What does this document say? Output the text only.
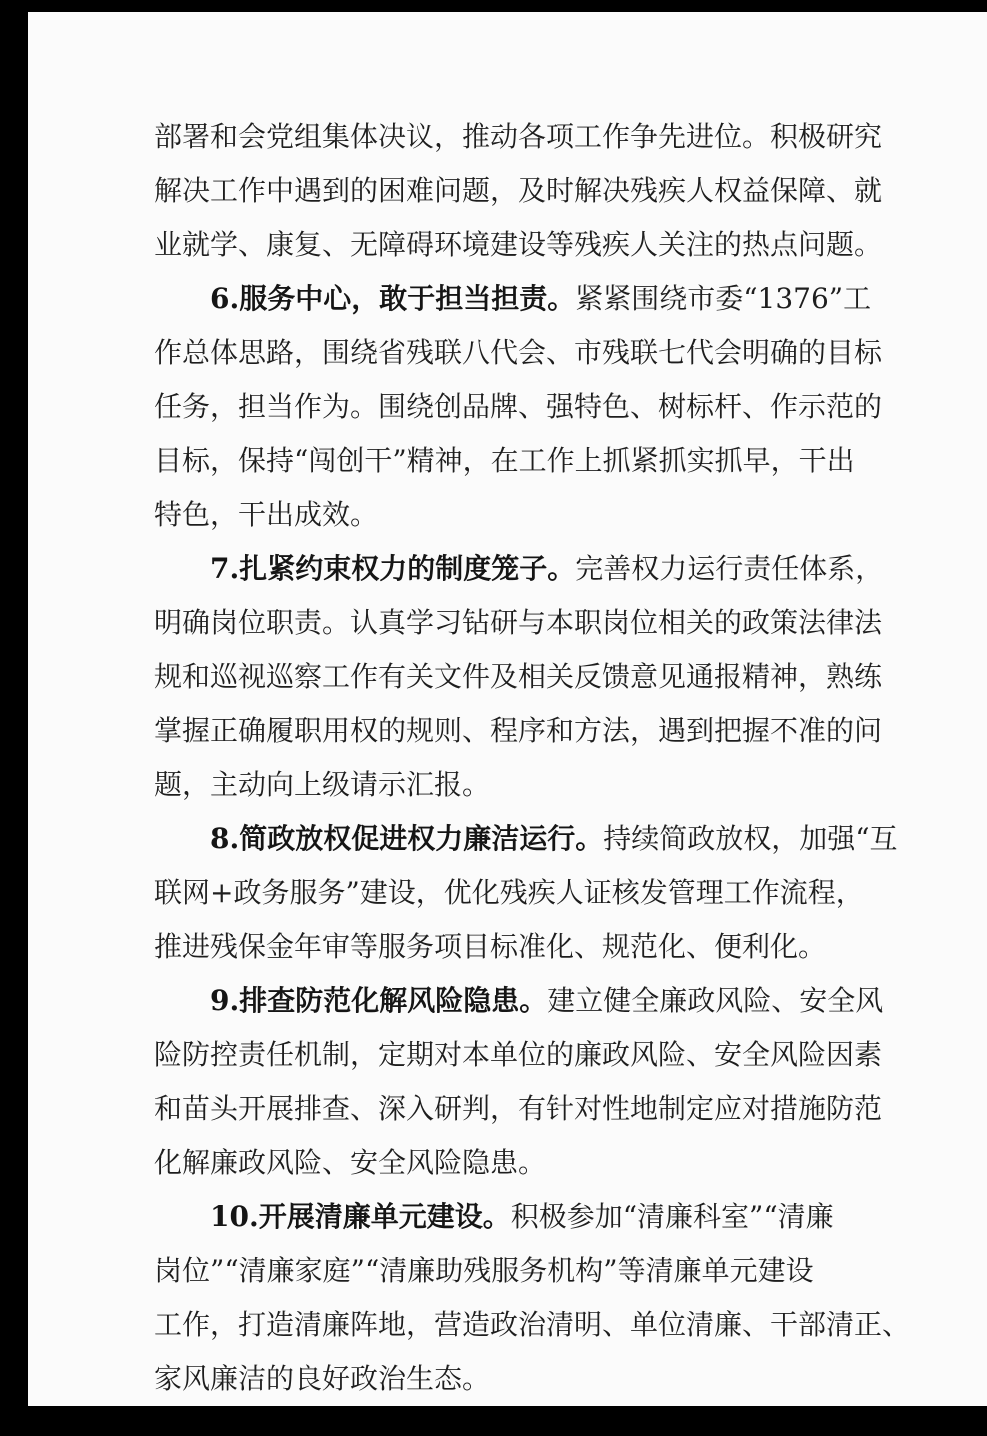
部署和会党组集体决议，推动各项工作争先进位。积极研究
解决工作中遇到的困难问题，及时解决残疾人权益保障、就
业就学、康复、无障碍环境建设等残疾人关注的热点问题。
6.服务中心，敢于担当担责。紧紧围绕市委“1376”工
作总体思路，围绕省残联八代会、市残联七代会明确的目标
任务，担当作为。围绕创品牌、强特色、树标杆、作示范的
目标，保持“闯创干”精神，在工作上抓紧抓实抓早，干出
特色，干出成效。
7.扎紧约束权力的制度笼子。完善权力运行责任体系，
明确岗位职责。认真学习钻研与本职岗位相关的政策法律法
规和巡视巡察工作有关文件及相关反馈意见通报精神，熟练
掌握正确履职用权的规则、程序和方法，遇到把握不准的问
题，主动向上级请示汇报。
8.简政放权促进权力廉洁运行。持续简政放权，加强“互
联网+政务服务”建设，优化残疾人证核发管理工作流程，
推进残保金年审等服务项目标准化、规范化、便利化。
9.排查防范化解风险隐患。建立健全廉政风险、安全风
险防控责任机制，定期对本单位的廉政风险、安全风险因素
和苗头开展排查、深入研判，有针对性地制定应对措施防范
化解廉政风险、安全风险隐患。
10.开展清廉单元建设。积极参加“清廉科室”“清廉
岗位”“清廉家庭”“清廉助残服务机构”等清廉单元建设
工作，打造清廉阵地，营造政治清明、单位清廉、干部清正、
家风廉洁的良好政治生态。
